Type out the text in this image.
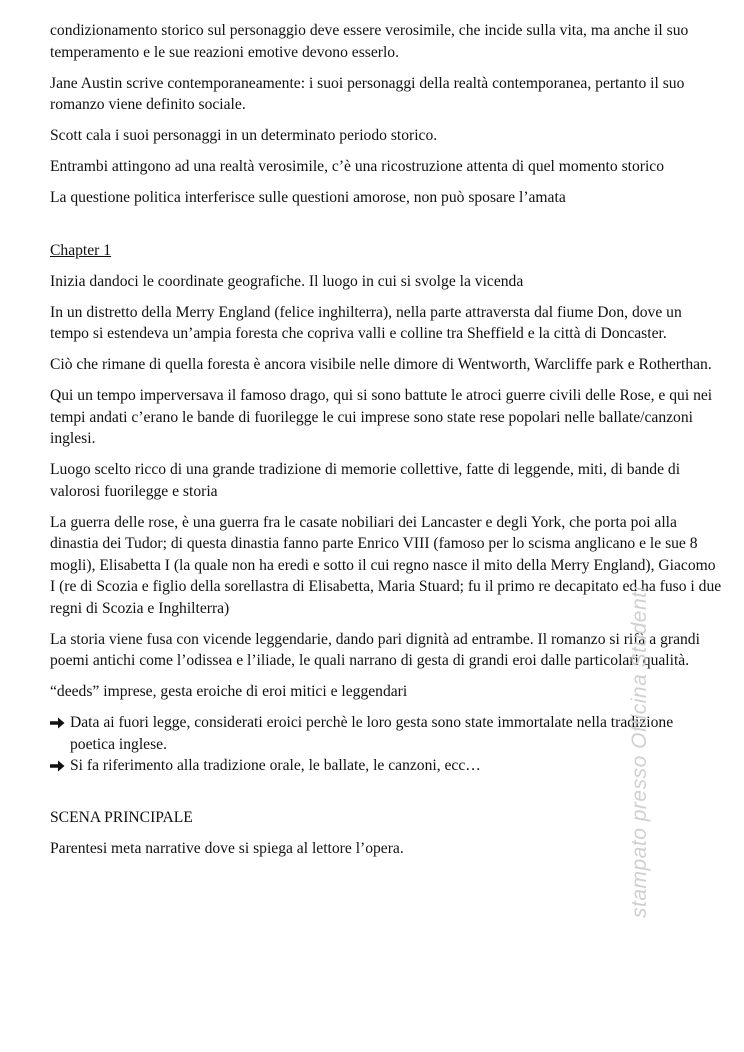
condizionamento storico sul personaggio deve essere verosimile, che incide sulla vita, ma anche il suo temperamento e le sue reazioni emotive devono esserlo.

Jane Austin scrive contemporaneamente: i suoi personaggi della realtà contemporanea, pertanto il suo romanzo viene definito sociale.

Scott cala i suoi personaggi in un determinato periodo storico.

Entrambi attingono ad una realtà verosimile, c’è una ricostruzione attenta di quel momento storico

La questione politica interferisce sulle questioni amorose, non può sposare l’amata

Chapter 1

Inizia dandoci le coordinate geografiche. Il luogo in cui si svolge la vicenda

In un distretto della Merry England (felice inghilterra), nella parte attraversta dal fiume Don, dove un tempo si estendeva un’ampia foresta che copriva valli e colline tra Sheffield e la città di Doncaster.

Ciò che rimane di quella foresta è ancora visibile nelle dimore di Wentworth, Warcliffe park e Rotherthan.

Qui un tempo imperversava il famoso drago, qui si sono battute le atroci guerre civili delle Rose, e qui nei tempi andati c’erano le bande di fuorilegge le cui imprese sono state rese popolari nelle ballate/canzoni inglesi.

Luogo scelto ricco di una grande tradizione di memorie collettive, fatte di leggende, miti, di bande di valorosi fuorilegge e storia

La guerra delle rose, è una guerra fra le casate nobiliari dei Lancaster e degli York, che porta poi alla dinastia dei Tudor; di questa dinastia fanno parte Enrico VIII (famoso per lo scisma anglicano e le sue 8 mogli), Elisabetta I (la quale non ha eredi e sotto il cui regno nasce il mito della Merry England), Giacomo I (re di Scozia e figlio della sorellastra di Elisabetta, Maria Stuard; fu il primo re decapitato ed ha fuso i due regni di Scozia e Inghilterra)

La storia viene fusa con vicende leggendarie, dando pari dignità ad entrambe. Il romanzo si rifà a grandi poemi antichi come l’odissea e l’iliade, le quali narrano di gesta di grandi eroi dalle particolari qualità.

“deeds” imprese, gesta eroiche di eroi mitici e leggendari

Data ai fuori legge, considerati eroici perchè le loro gesta sono state immortalate nella tradizione poetica inglese.
Si fa riferimento alla tradizione orale, le ballate, le canzoni, ecc…

SCENA PRINCIPALE

Parentesi meta narrative dove si spiega al lettore l’opera.	stampato presso Officina Studenti
